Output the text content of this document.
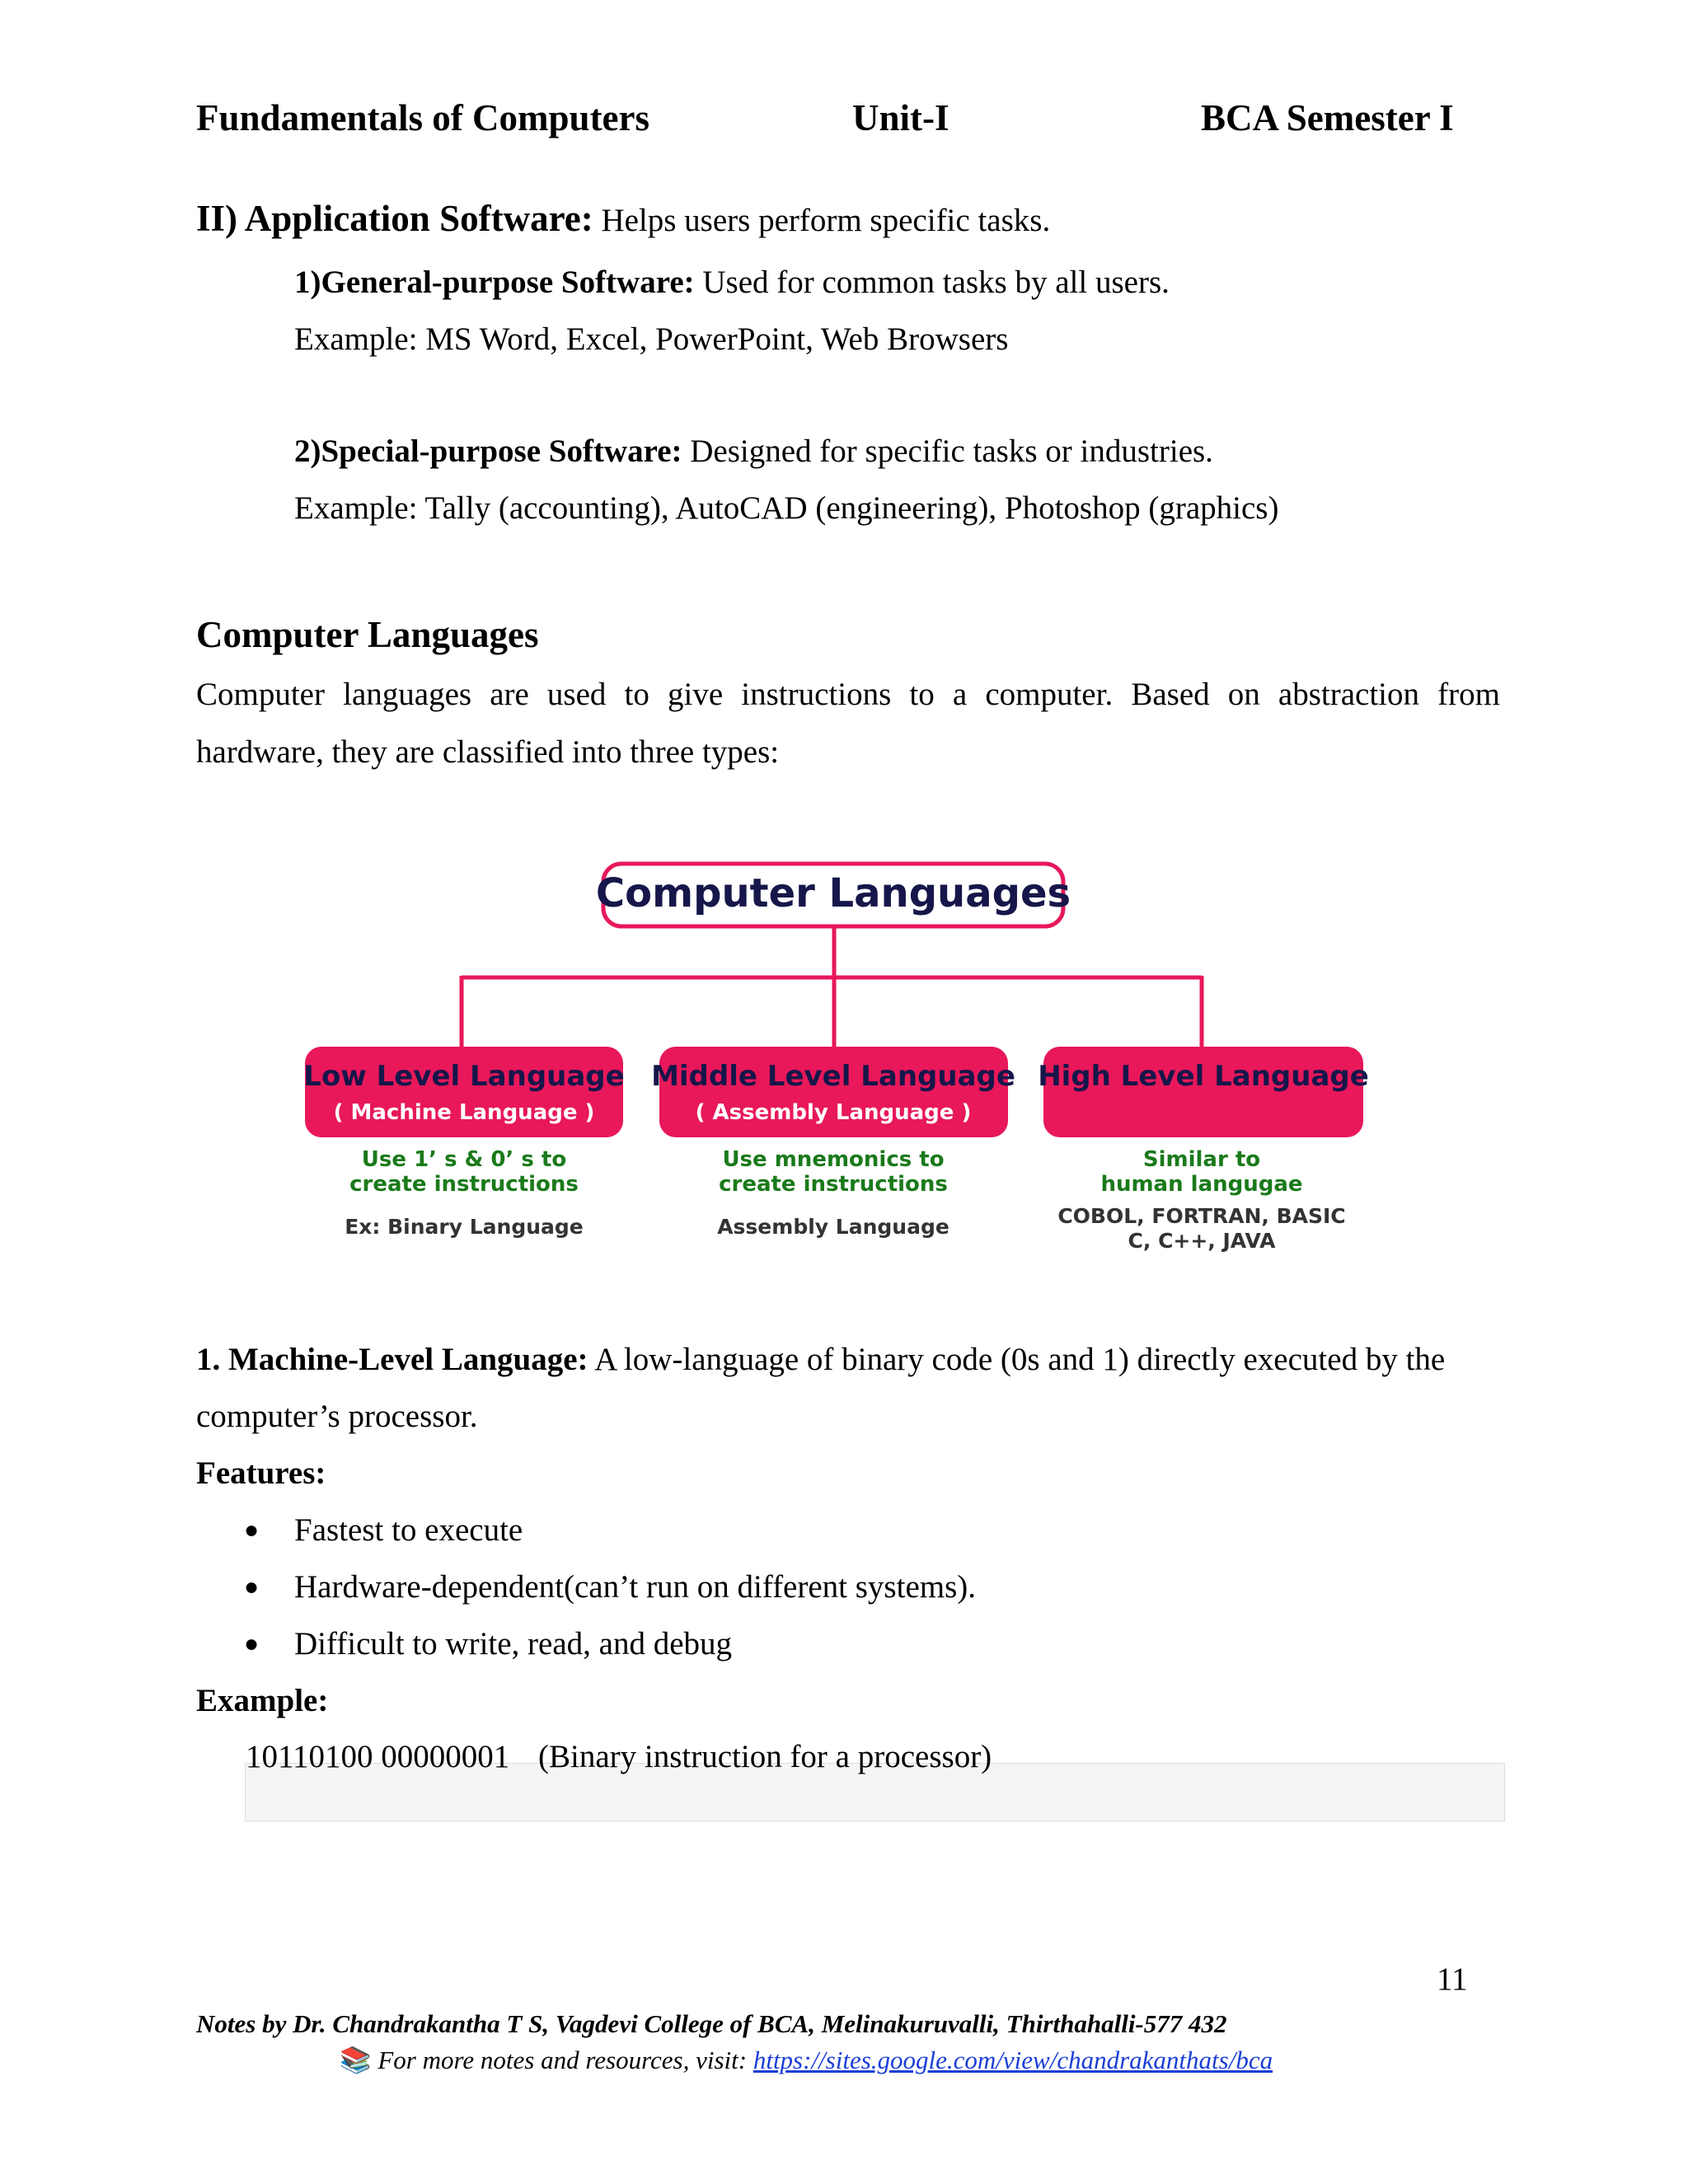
Fundamentals of Computers	Unit-I	BCA Semester I
II) Application Software: Helps users perform specific tasks.
1)General-purpose Software: Used for common tasks by all users.
Example: MS Word, Excel, PowerPoint, Web Browsers
2)Special-purpose Software: Designed for specific tasks or industries.
Example: Tally (accounting), AutoCAD (engineering), Photoshop (graphics)
Computer Languages
Computer languages are used to give instructions to a computer. Based on abstraction from
hardware, they are classified into three types:
Computer Languages
Low Level Language
( Machine Language )
Use 1’ s & 0’ s to
create instructions
Ex: Binary Language
Middle Level Language
( Assembly Language )
Use mnemonics to
create instructions
Assembly Language
High Level Language
Similar to
human langugae
COBOL, FORTRAN, BASIC
C, C++, JAVA
1. Machine-Level Language: A low-language of binary code (0s and 1) directly executed by the
computer’s processor.
Features:
● Fastest to execute
● Hardware-dependent(can’t run on different systems).
● Difficult to write, read, and debug
Example:
10110100 00000001 (Binary instruction for a processor)
11
Notes by Dr. Chandrakantha T S, Vagdevi College of BCA, Melinakuruvalli, Thirthahalli-577 432
📚 For more notes and resources, visit: https://sites.google.com/view/chandrakanthats/bca
